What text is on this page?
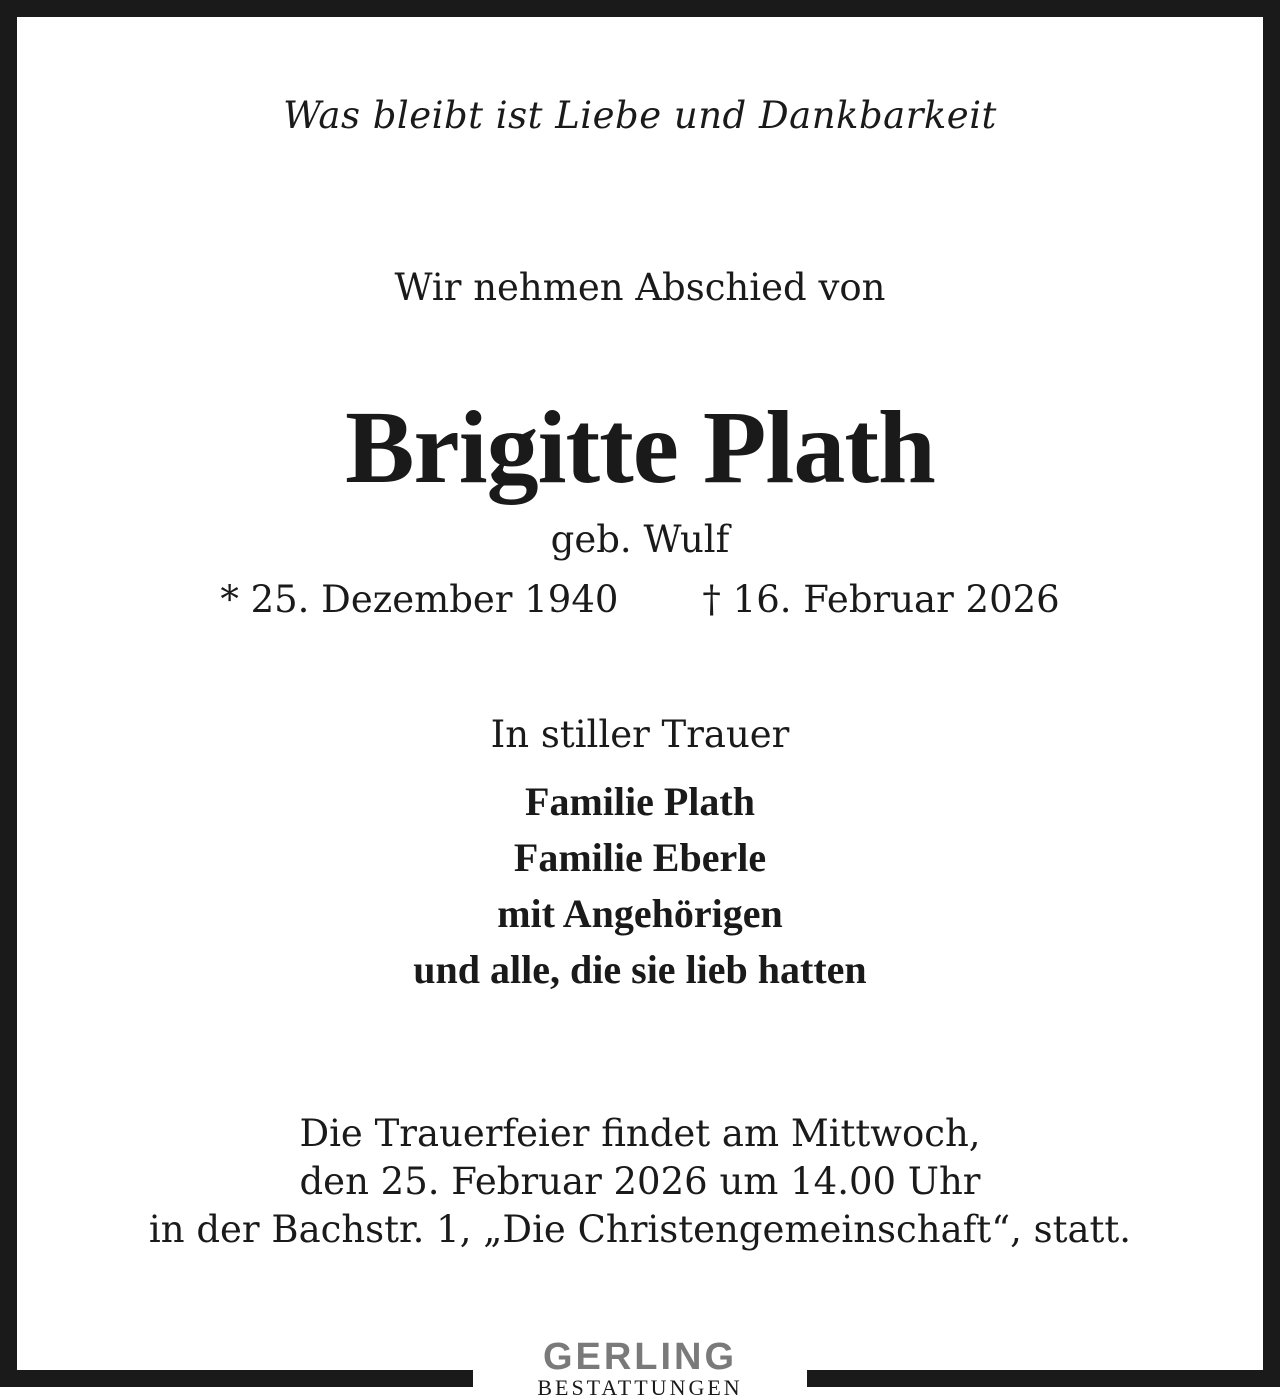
Was bleibt ist Liebe und Dankbarkeit
Wir nehmen Abschied von
Brigitte Plath
geb. Wulf
* 25. Dezember 1940 † 16. Februar 2026
In stiller Trauer
Familie Plath
Familie Eberle
mit Angehörigen
und alle, die sie lieb hatten
Die Trauerfeier findet am Mittwoch,
den 25. Februar 2026 um 14.00 Uhr
in der Bachstr. 1, „Die Christengemeinschaft“, statt.
GERLING
BESTATTUNGEN
